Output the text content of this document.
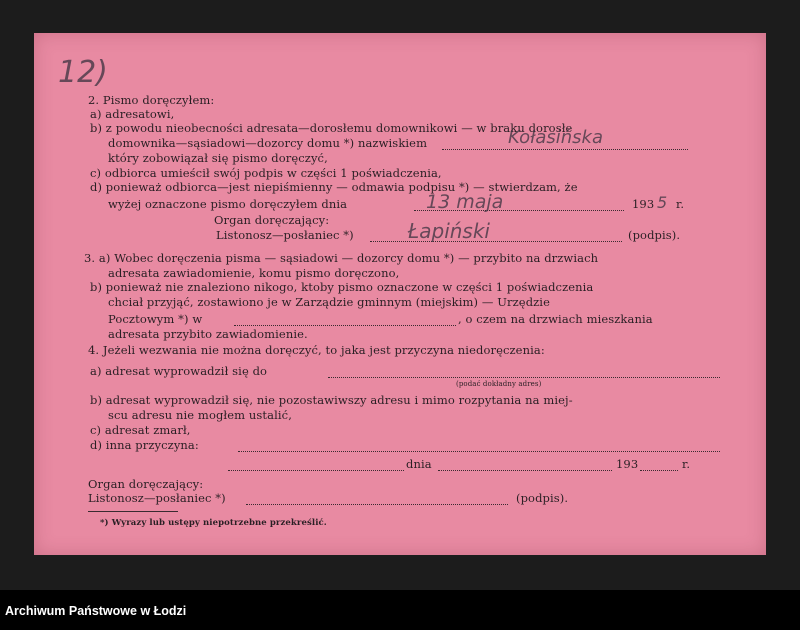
12)
2. Pismo doręczyłem:
a) adresatowi,
b) z powodu nieobecności adresata—dorosłemu domownikowi — w braku dorosłe
domownika—sąsiadowi—dozorcy domu *) nazwiskiem	Kołasińska
który zobowiązał się pismo doręczyć,
c) odbiorca umieścił swój podpis w części 1 poświadczenia,
d) ponieważ odbiorca—jest niepiśmienny — odmawia podpisu *) — stwierdzam, że
wyżej oznaczone pismo doręczyłem dnia	13 maja	193 5 r.
Organ doręczający:
Listonosz—posłaniec *)	Łapiński	(podpis).
3. a) Wobec doręczenia pisma — sąsiadowi — dozorcy domu *) — przybito na drzwiach
adresata zawiadomienie, komu pismo doręczono,
b) ponieważ nie znaleziono nikogo, ktoby pismo oznaczone w części 1 poświadczenia
chciał przyjąć, zostawiono je w Zarządzie gminnym (miejskim) — Urzędzie
Pocztowym *) w	, o czem na drzwiach mieszkania
adresata przybito zawiadomienie.
4. Jeżeli wezwania nie można doręczyć, to jaka jest przyczyna niedoręczenia:
a) adresat wyprowadził się do
(podać dokładny adres)
b) adresat wyprowadził się, nie pozostawiwszy adresu i mimo rozpytania na miej-
scu adresu nie mogłem ustalić,
c) adresat zmarł,
d) inna przyczyna:
dnia	193	r.
Organ doręczający:
Listonosz—posłaniec *)	(podpis).
*) Wyrazy lub ustępy niepotrzebne przekreślić.
Archiwum Państwowe w Łodzi
